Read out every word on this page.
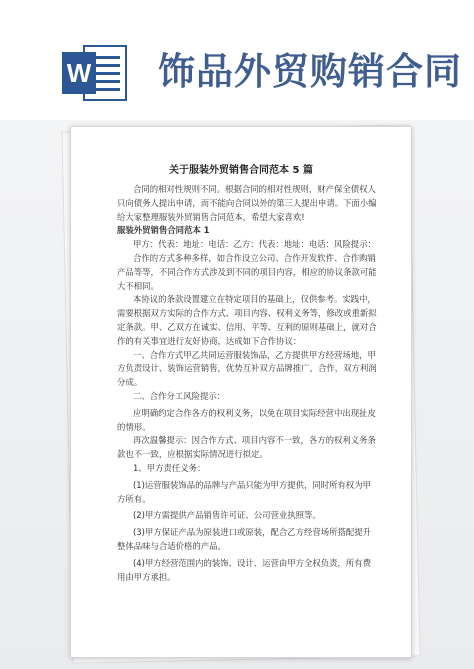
W 饰品外贸购销合同
关于服装外贸销售合同范本 5 篇

合同的相对性规则不同。根据合同的相对性规则，财产保全债权人只向债务人提出申请，而不能向合同以外的第三人提出申请。下面小编给大家整理服装外贸销售合同范本，希望大家喜欢!

服装外贸销售合同范本 1

甲方：代表：地址：电话：乙方：代表：地址：电话：风险提示：

合作的方式多种多样，如合作设立公司、合作开发软件、合作购销产品等等，不同合作方式涉及到不同的项目内容，相应的协议条款可能大不相同。

本协议的条款设置建立在特定项目的基础上，仅供参考。实践中，需要根据双方实际的合作方式、项目内容、权利义务等，修改或重新拟定条款。甲、乙双方在诚实、信用、平等、互利的原则基础上，就对合作的有关事宜进行友好协商，达成如下合作协议：

一、合作方式甲乙共同运营服装饰品，乙方提供甲方经营场地，甲方负责设计、装饰运营销售，优势互补双方品牌推广，合作，双方利润分成。

二、合作分工风险提示：

应明确约定合作各方的权利义务，以免在项目实际经营中出现扯皮的情形。

再次温馨提示：因合作方式、项目内容不一致，各方的权利义务条款也不一致，应根据实际情况进行拟定。

1、甲方责任义务：

(1)运营服装饰品的品牌与产品只能为甲方提供，同时所有权为甲方所有。

(2)甲方需提供产品销售许可证、公司营业执照等。

(3)甲方保证产品为原装进口或原装，配合乙方经营场所搭配提升整体品味与合适价格的产品。

(4)甲方经营范围内的装饰、设计、运营由甲方全权负责，所有费用由甲方承担。
